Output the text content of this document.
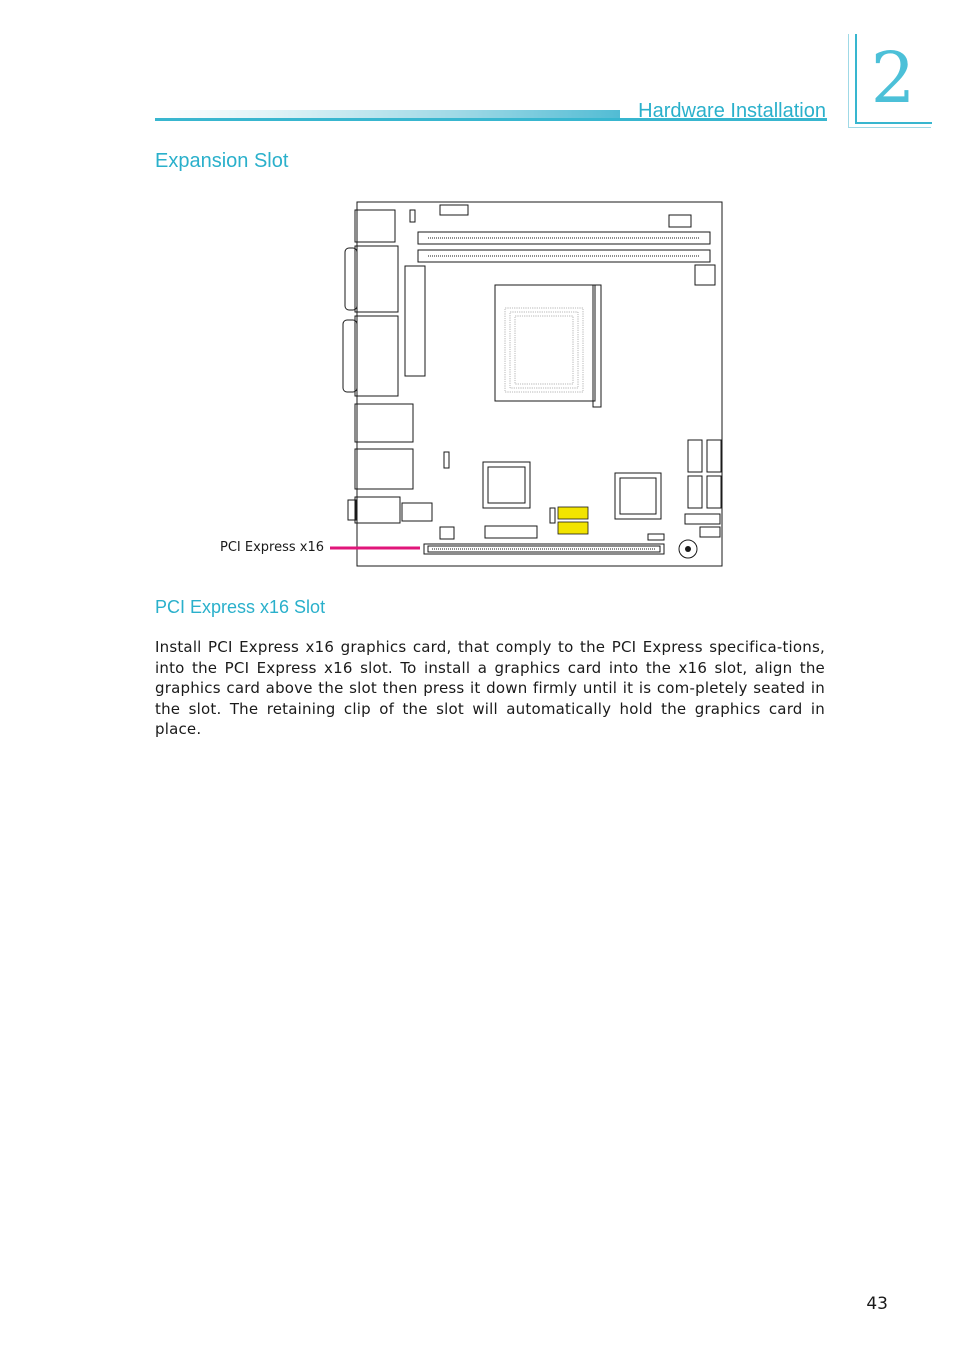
2
Hardware Installation
Expansion Slot
PCI Express x16
PCI Express x16 Slot
Install PCI Express x16 graphics card, that comply to the PCI Express specifica-tions, into the PCI Express x16 slot. To install a graphics card into the x16 slot, align the graphics card above the slot then press it down firmly until it is com-pletely seated in the slot. The retaining clip of the slot will automatically hold the graphics card in place.
43
